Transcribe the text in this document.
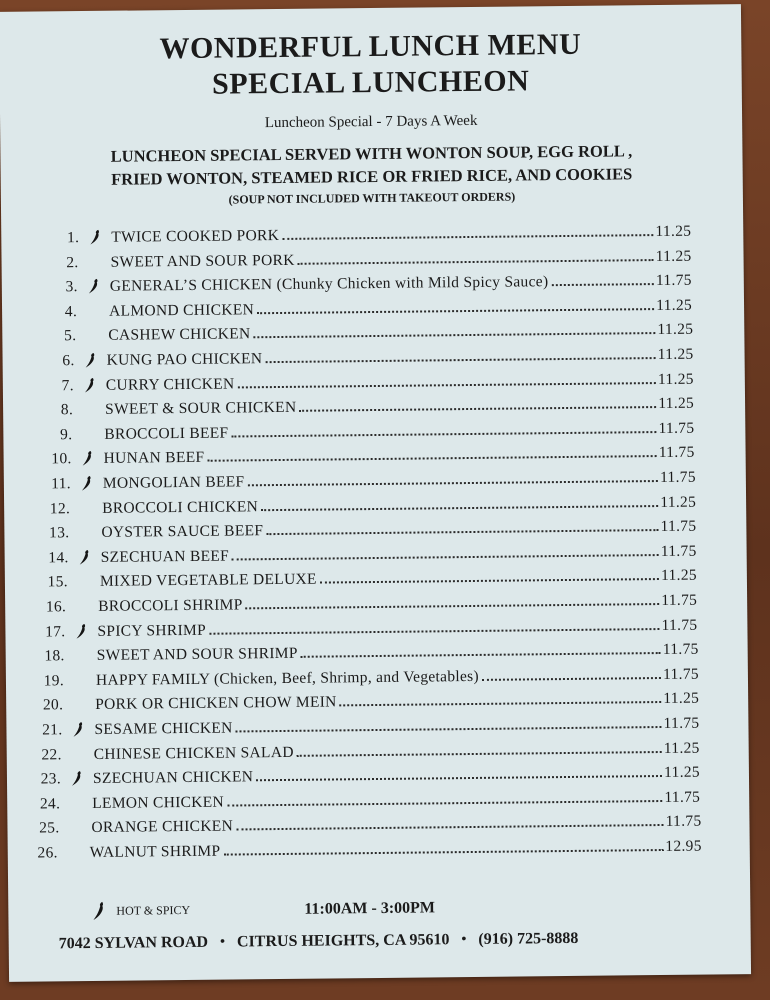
WONDERFUL LUNCH MENU
SPECIAL LUNCHEON
Luncheon Special - 7 Days A Week
LUNCHEON SPECIAL SERVED WITH WONTON SOUP, EGG ROLL ,
FRIED WONTON, STEAMED RICE OR FRIED RICE, AND COOKIES
(SOUP NOT INCLUDED WITH TAKEOUT ORDERS)
1. TWICE COOKED PORK	11.25
2. SWEET AND SOUR PORK	11.25
3. GENERAL’S CHICKEN (Chunky Chicken with Mild Spicy Sauce)	11.75
4. ALMOND CHICKEN	11.25
5. CASHEW CHICKEN	11.25
6. KUNG PAO CHICKEN	11.25
7. CURRY CHICKEN	11.25
8. SWEET & SOUR CHICKEN	11.25
9. BROCCOLI BEEF	11.75
10. HUNAN BEEF	11.75
11. MONGOLIAN BEEF	11.75
12. BROCCOLI CHICKEN	11.25
13. OYSTER SAUCE BEEF	11.75
14. SZECHUAN BEEF	11.75
15. MIXED VEGETABLE DELUXE	11.25
16. BROCCOLI SHRIMP	11.75
17. SPICY SHRIMP	11.75
18. SWEET AND SOUR SHRIMP	11.75
19. HAPPY FAMILY (Chicken, Beef, Shrimp, and Vegetables)	11.75
20. PORK OR CHICKEN CHOW MEIN	11.25
21. SESAME CHICKEN	11.75
22. CHINESE CHICKEN SALAD	11.25
23. SZECHUAN CHICKEN	11.25
24. LEMON CHICKEN	11.75
25. ORANGE CHICKEN	11.75
26. WALNUT SHRIMP	12.95
HOT & SPICY	11:00AM - 3:00PM
7042 SYLVAN ROAD • CITRUS HEIGHTS, CA 95610 • (916) 725-8888
